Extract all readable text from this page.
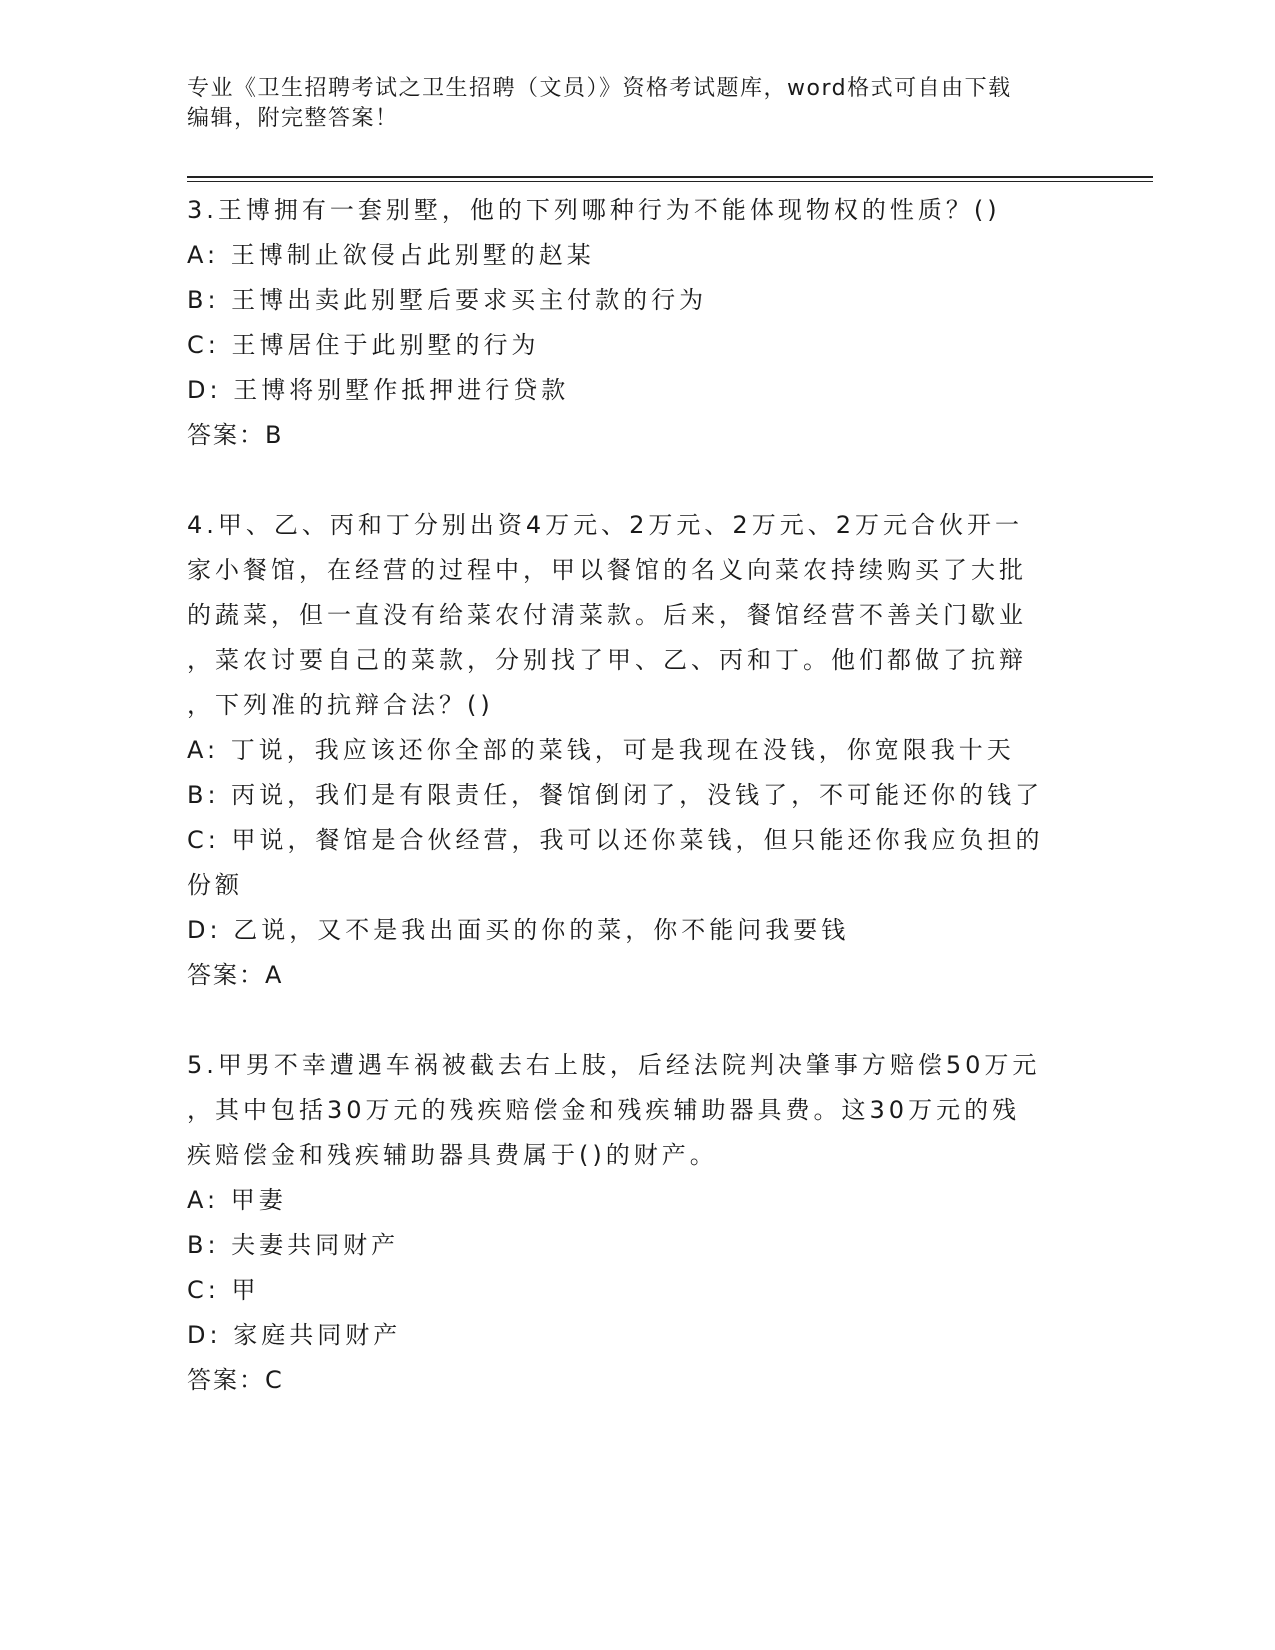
专业《卫生招聘考试之卫生招聘（文员）》资格考试题库，word格式可自由下载
编辑，附完整答案！
3.王博拥有一套别墅，他的下列哪种行为不能体现物权的性质？()
A: 王博制止欲侵占此别墅的赵某
B: 王博出卖此别墅后要求买主付款的行为
C: 王博居住于此别墅的行为
D: 王博将别墅作抵押进行贷款
答案：B
4.甲、乙、丙和丁分别出资4万元、2万元、2万元、2万元合伙开一
家小餐馆，在经营的过程中，甲以餐馆的名义向菜农持续购买了大批
的蔬菜，但一直没有给菜农付清菜款。后来，餐馆经营不善关门歇业
，菜农讨要自己的菜款，分别找了甲、乙、丙和丁。他们都做了抗辩
，下列准的抗辩合法？()
A: 丁说，我应该还你全部的菜钱，可是我现在没钱，你宽限我十天
B: 丙说，我们是有限责任，餐馆倒闭了，没钱了，不可能还你的钱了
C: 甲说，餐馆是合伙经营，我可以还你菜钱，但只能还你我应负担的
份额
D: 乙说，又不是我出面买的你的菜，你不能问我要钱
答案：A
5.甲男不幸遭遇车祸被截去右上肢，后经法院判决肇事方赔偿50万元
，其中包括30万元的残疾赔偿金和残疾辅助器具费。这30万元的残
疾赔偿金和残疾辅助器具费属于()的财产。
A: 甲妻
B: 夫妻共同财产
C: 甲
D: 家庭共同财产
答案：C
